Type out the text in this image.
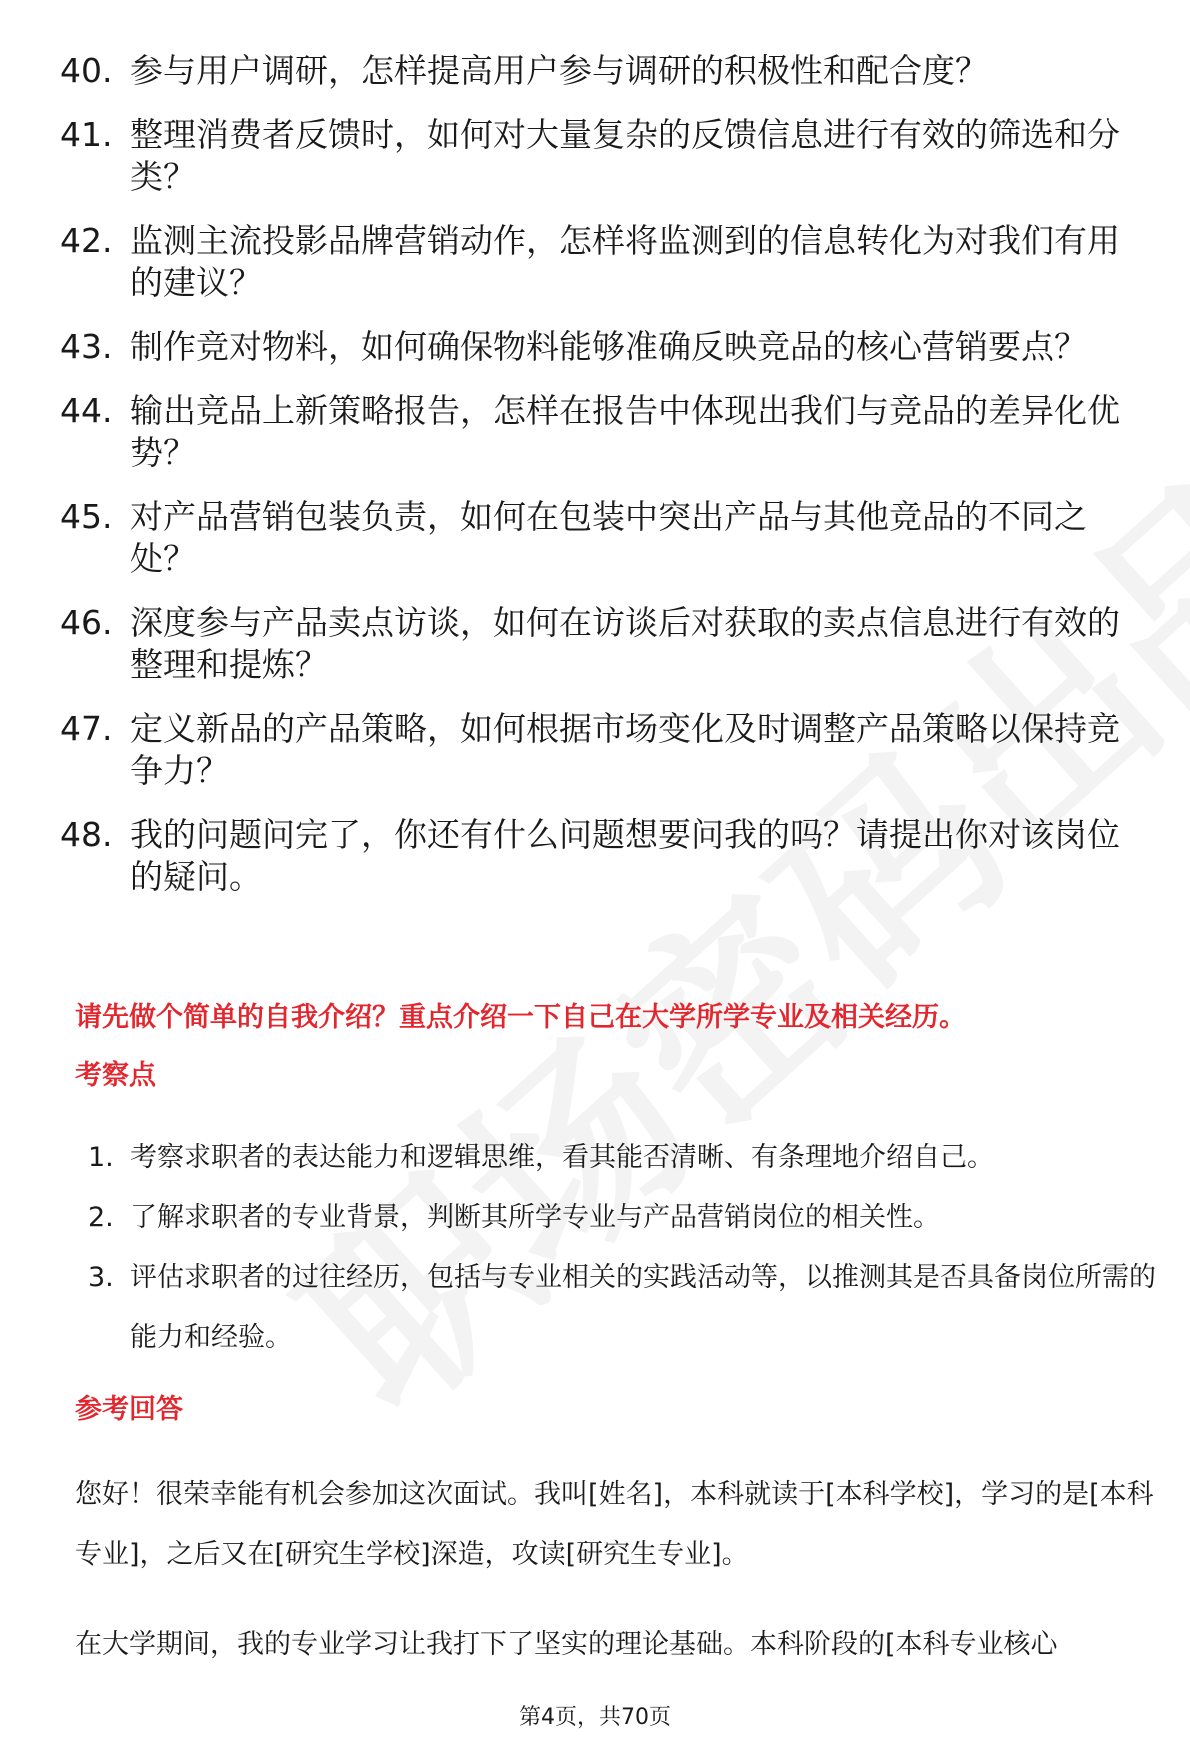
40. 参与用户调研，怎样提高用户参与调研的积极性和配合度？
41. 整理消费者反馈时，如何对大量复杂的反馈信息进行有效的筛选和分类？
42. 监测主流投影品牌营销动作，怎样将监测到的信息转化为对我们有用的建议？
43. 制作竞对物料，如何确保物料能够准确反映竞品的核心营销要点？
44. 输出竞品上新策略报告，怎样在报告中体现出我们与竞品的差异化优势？
45. 对产品营销包装负责，如何在包装中突出产品与其他竞品的不同之处？
46. 深度参与产品卖点访谈，如何在访谈后对获取的卖点信息进行有效的整理和提炼？
47. 定义新品的产品策略，如何根据市场变化及时调整产品策略以保持竞争力？
48. 我的问题问完了，你还有什么问题想要问我的吗？请提出你对该岗位的疑问。
请先做个简单的自我介绍？重点介绍一下自己在大学所学专业及相关经历。
考察点
1. 考察求职者的表达能力和逻辑思维，看其能否清晰、有条理地介绍自己。
2. 了解求职者的专业背景，判断其所学专业与产品营销岗位的相关性。
3. 评估求职者的过往经历，包括与专业相关的实践活动等，以推测其是否具备岗位所需的能力和经验。
参考回答
您好！很荣幸能有机会参加这次面试。我叫[姓名]，本科就读于[本科学校]，学习的是[本科专业]，之后又在[研究生学校]深造，攻读[研究生专业]。
在大学期间，我的专业学习让我打下了坚实的理论基础。本科阶段的[本科专业核心
第4页，共70页
